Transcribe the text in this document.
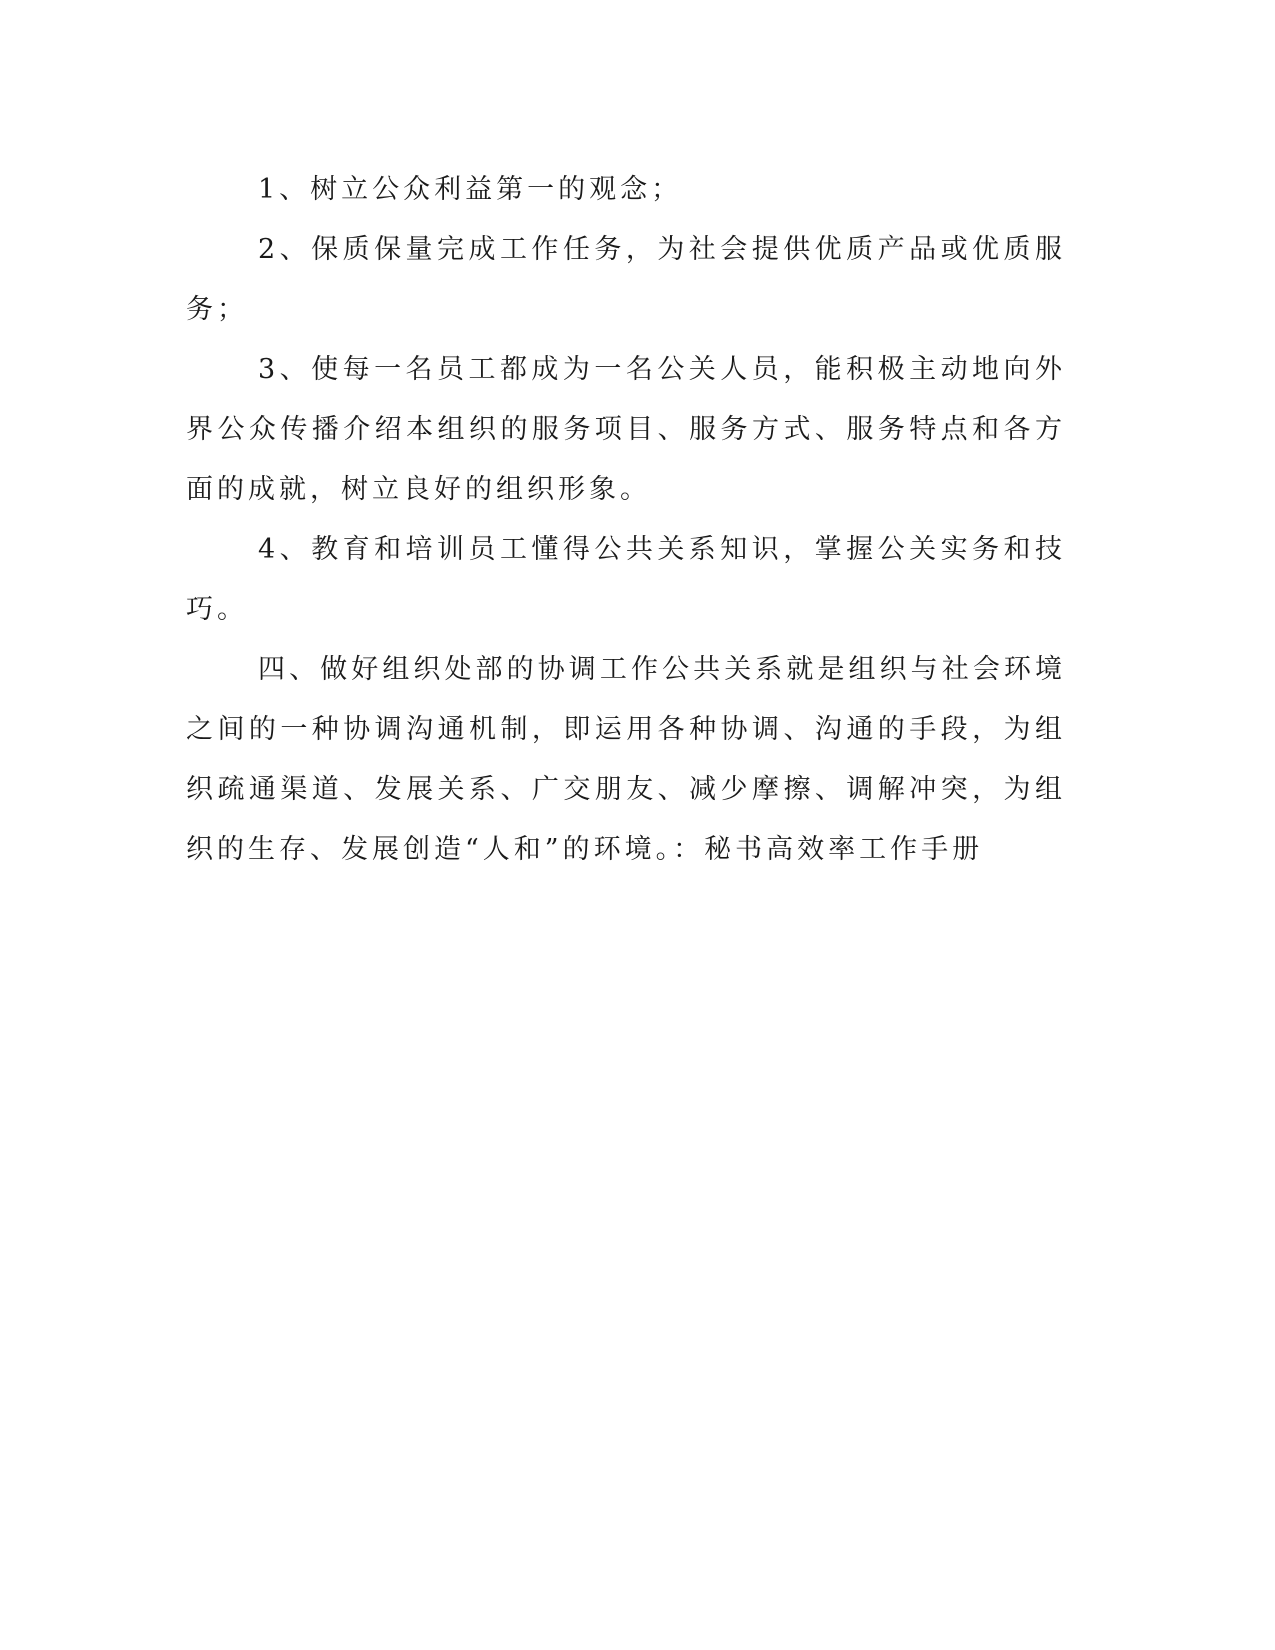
1、树立公众利益第一的观念；

2、保质保量完成工作任务，为社会提供优质产品或优质服务；

3、使每一名员工都成为一名公关人员，能积极主动地向外界公众传播介绍本组织的服务项目、服务方式、服务特点和各方面的成就，树立良好的组织形象。

4、教育和培训员工懂得公共关系知识，掌握公关实务和技巧。

四、做好组织处部的协调工作公共关系就是组织与社会环境之间的一种协调沟通机制，即运用各种协调、沟通的手段，为组织疏通渠道、发展关系、广交朋友、减少摩擦、调解冲突，为组织的生存、发展创造“人和”的环境。：秘书高效率工作手册
